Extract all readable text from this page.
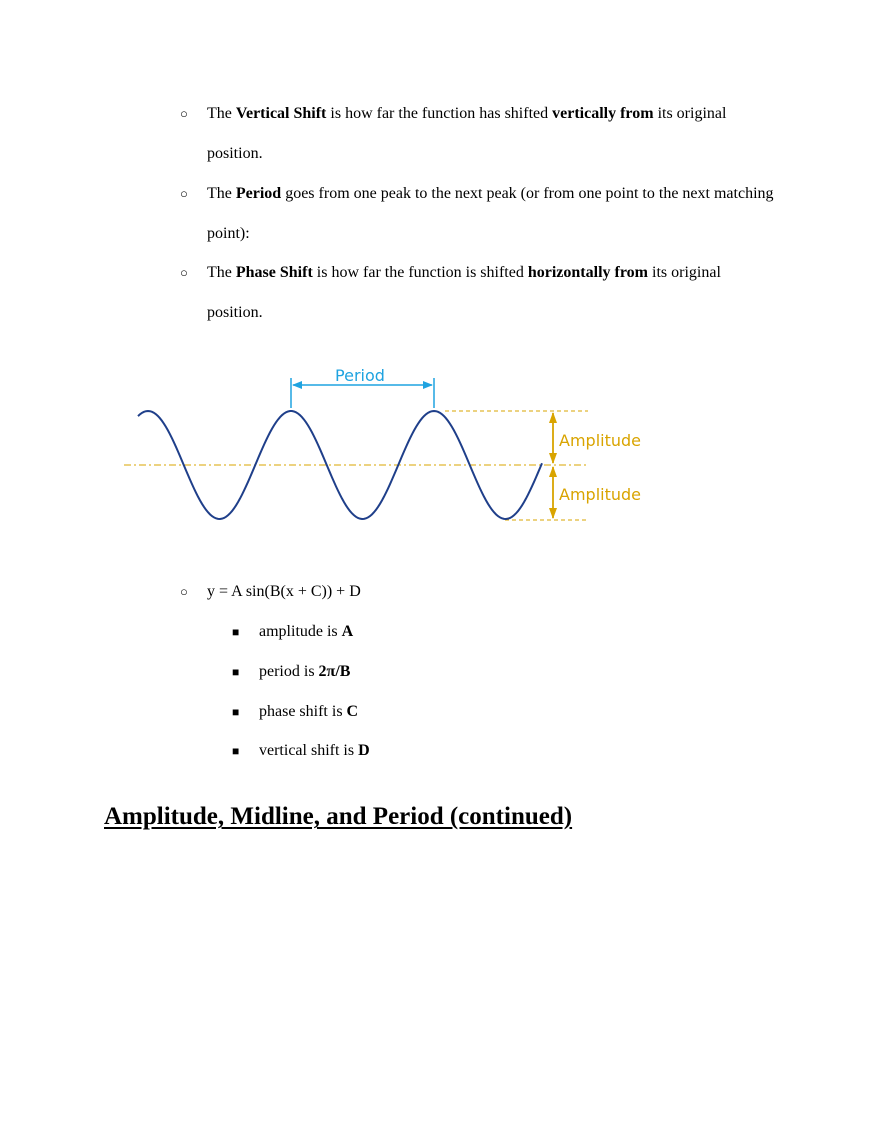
○	The Vertical Shift is how far the function has shifted vertically from its original position.
○	The Period goes from one peak to the next peak (or from one point to the next matching point):
○	The Phase Shift is how far the function is shifted horizontally from its original position.
Period
Amplitude
Amplitude
○	y = A sin(B(x + C)) + D
■ amplitude is A
■ period is 2π/B
■ phase shift is C
■ vertical shift is D
Amplitude, Midline, and Period (continued)
